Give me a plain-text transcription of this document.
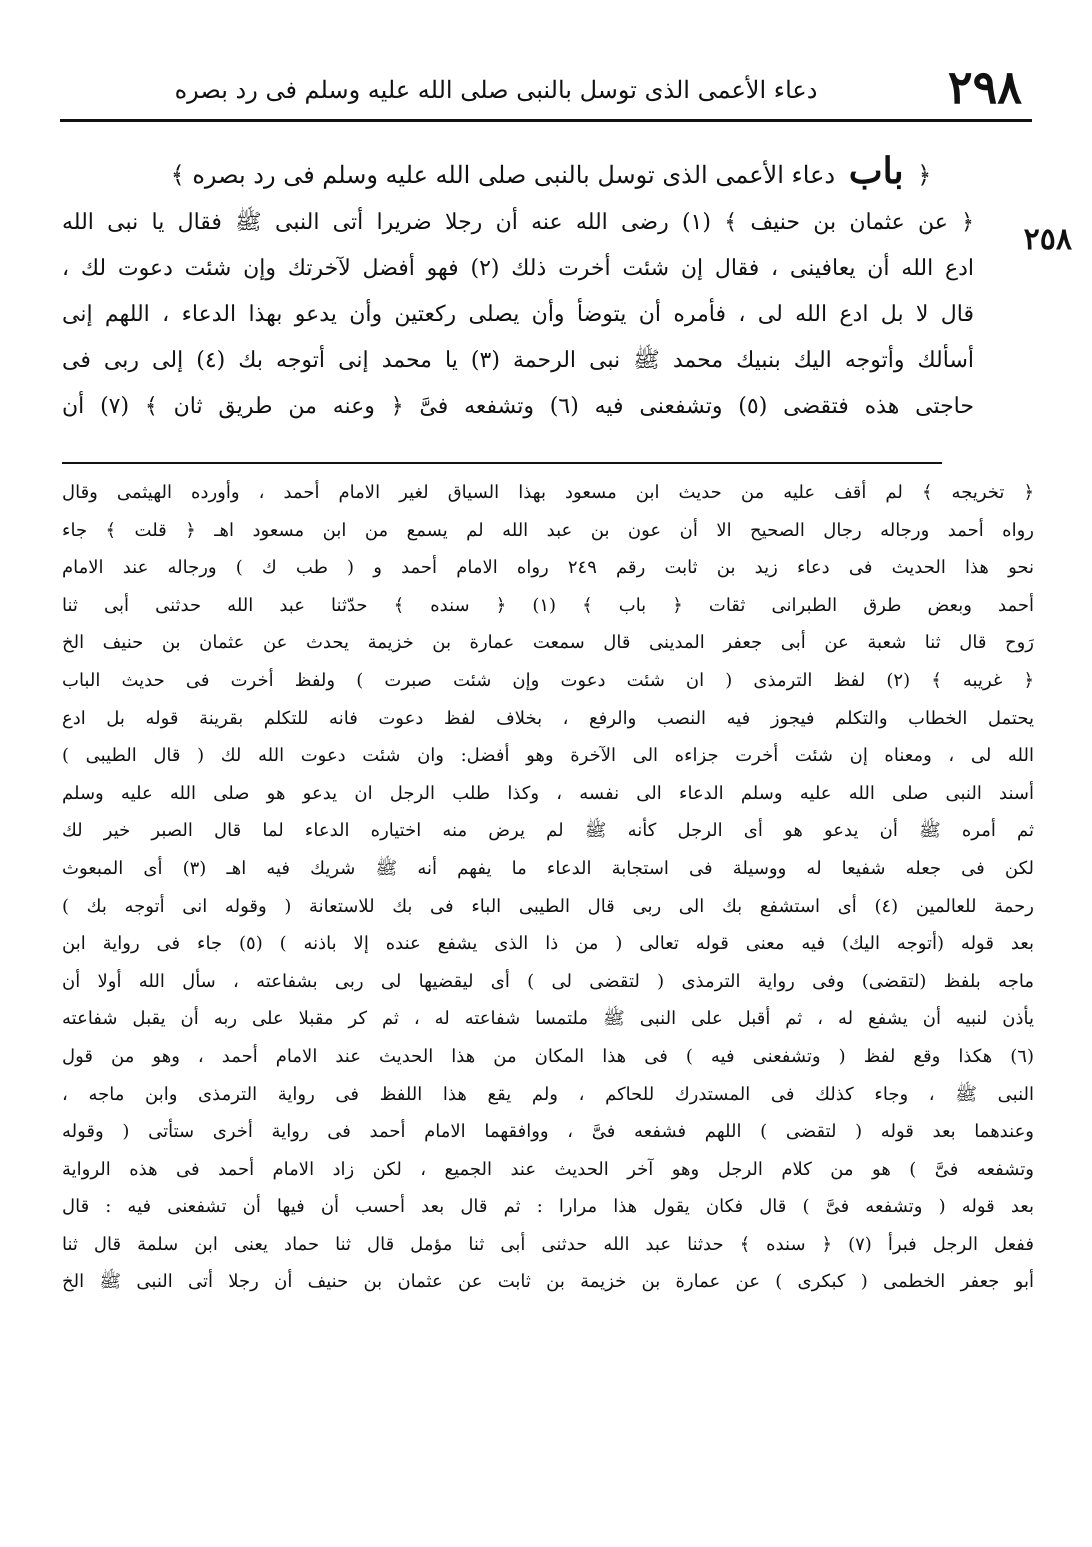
٢٩٨
دعاء الأعمى الذى توسل بالنبى صلى الله عليه وسلم فى رد بصره
﴿ باب دعاء الأعمى الذى توسل بالنبى صلى الله عليه وسلم فى رد بصره ﴾
٢٥٨
﴿ عن عثمان بن حنيف ﴾ (١) رضى الله عنه أن رجلا ضريرا أتى النبى ﷺ فقال يا نبى الله
ادع الله أن يعافينى ، فقال إن شئت أخرت ذلك (٢) فهو أفضل لآخرتك وإن شئت دعوت لك ،
قال لا بل ادع الله لى ، فأمره أن يتوضأ وأن يصلى ركعتين وأن يدعو بهذا الدعاء ، اللهم إنى
أسألك وأتوجه اليك بنبيك محمد ﷺ نبى الرحمة (٣) يا محمد إنى أتوجه بك (٤) إلى ربى فى
حاجتى هذه فتقضى (٥) وتشفعنى فيه (٦) وتشفعه فىَّ ﴿ وعنه من طريق ثان ﴾ (٧) أن
﴿ تخريجه ﴾ لم أقف عليه من حديث ابن مسعود بهذا السياق لغير الامام أحمد ، وأورده الهيثمى وقال
رواه أحمد ورجاله رجال الصحيح الا أن عون بن عبد الله لم يسمع من ابن مسعود اهـ ﴿ قلت ﴾ جاء
نحو هذا الحديث فى دعاء زيد بن ثابت رقم ٢٤٩ رواه الامام أحمد و ( طب ك ) ورجاله عند الامام
أحمد وبعض طرق الطبرانى ثقات ﴿ باب ﴾ (١) ﴿ سنده ﴾ حدّثنا عبد الله حدثنى أبى ثنا
رَوح قال ثنا شعبة عن أبى جعفر المدينى قال سمعت عمارة بن خزيمة يحدث عن عثمان بن حنيف الخ
﴿ غريبه ﴾ (٢) لفظ الترمذى ( ان شئت دعوت وإن شئت صبرت ) ولفظ أخرت فى حديث الباب
يحتمل الخطاب والتكلم فيجوز فيه النصب والرفع ، بخلاف لفظ دعوت فانه للتكلم بقرينة قوله بل ادع
الله لى ، ومعناه إن شئت أخرت جزاءه الى الآخرة وهو أفضل: وان شئت دعوت الله لك ( قال الطيبى )
أسند النبى صلى الله عليه وسلم الدعاء الى نفسه ، وكذا طلب الرجل ان يدعو هو صلى الله عليه وسلم
ثم أمره ﷺ أن يدعو هو أى الرجل كأنه ﷺ لم يرض منه اختياره الدعاء لما قال الصبر خير لك
لكن فى جعله شفيعا له ووسيلة فى استجابة الدعاء ما يفهم أنه ﷺ شريك فيه اهـ (٣) أى المبعوث
رحمة للعالمين (٤) أى استشفع بك الى ربى قال الطيبى الباء فى بك للاستعانة ( وقوله انى أتوجه بك )
بعد قوله (أتوجه اليك) فيه معنى قوله تعالى ( من ذا الذى يشفع عنده إلا باذنه ) (٥) جاء فى رواية ابن
ماجه بلفظ (لتقضى) وفى رواية الترمذى ( لتقضى لى ) أى ليقضيها لى ربى بشفاعته ، سأل الله أولا أن
يأذن لنبيه أن يشفع له ، ثم أقبل على النبى ﷺ ملتمسا شفاعته له ، ثم كر مقبلا على ربه أن يقبل شفاعته
(٦) هكذا وقع لفظ ( وتشفعنى فيه ) فى هذا المكان من هذا الحديث عند الامام أحمد ، وهو من قول
النبى ﷺ ، وجاء كذلك فى المستدرك للحاكم ، ولم يقع هذا اللفظ فى رواية الترمذى وابن ماجه ،
وعندهما بعد قوله ( لتقضى ) اللهم فشفعه فىَّ ، ووافقهما الامام أحمد فى رواية أخرى ستأتى ( وقوله
وتشفعه فىَّ ) هو من كلام الرجل وهو آخر الحديث عند الجميع ، لكن زاد الامام أحمد فى هذه الرواية
بعد قوله ( وتشفعه فىَّ ) قال فكان يقول هذا مرارا : ثم قال بعد أحسب أن فيها أن تشفعنى فيه : قال
ففعل الرجل فبرأ (٧) ﴿ سنده ﴾ حدثنا عبد الله حدثنى أبى ثنا مؤمل قال ثنا حماد يعنى ابن سلمة قال ثنا
أبو جعفر الخطمى ( كبكرى ) عن عمارة بن خزيمة بن ثابت عن عثمان بن حنيف أن رجلا أتى النبى ﷺ الخ
